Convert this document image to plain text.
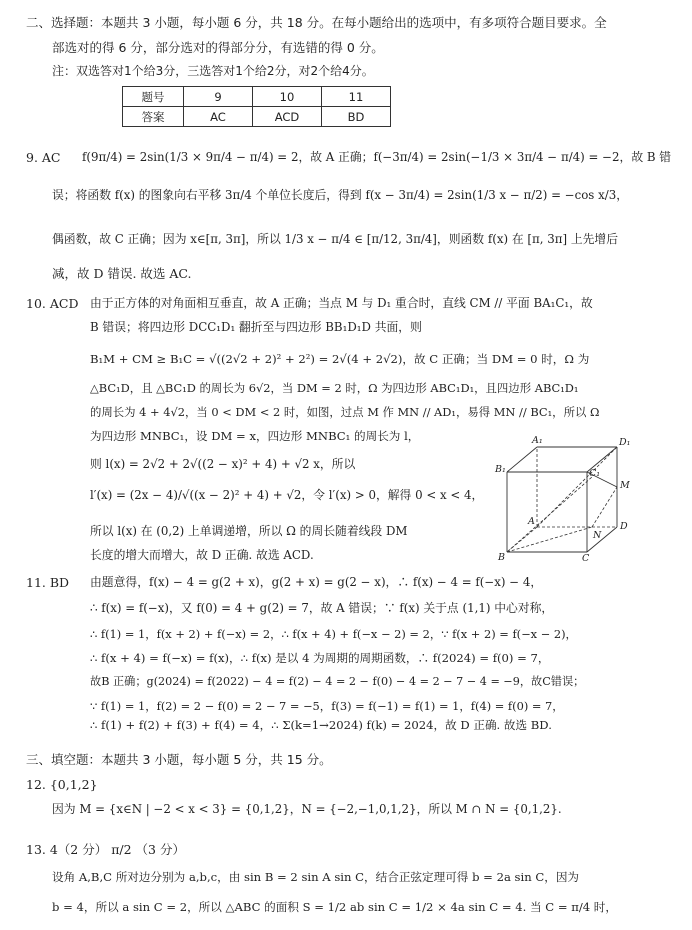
二、选择题：本题共 3 小题，每小题 6 分，共 18 分。在每小题给出的选项中，有多项符合题目要求。全
部选对的得 6 分，部分选对的得部分分，有选错的得 0 分。
注：双选答对1个给3分，三选答对1个给2分，对2个给4分。
题号	9	10	11
答案	AC	ACD	BD
9. AC f(9π/4) = 2sin(1/3 × 9π/4 − π/4) = 2，故 A 正确；f(−3π/4) = 2sin(−1/3 × 3π/4 − π/4) = −2，故 B 错
误；将函数 f(x) 的图象向右平移 3π/4 个单位长度后，得到 f(x − 3π/4) = 2sin(1/3 x − π/2) = −cos x/3，
偶函数，故 C 正确；因为 x∈[π, 3π]，所以 1/3 x − π/4 ∈ [π/12, 3π/4]，则函数 f(x) 在 [π, 3π] 上先增后
减，故 D 错误. 故选 AC.
10. ACD 由于正方体的对角面相互垂直，故 A 正确；当点 M 与 D₁ 重合时，直线 CM // 平面 BA₁C₁，故
B 错误；将四边形 DCC₁D₁ 翻折至与四边形 BB₁D₁D 共面，则
B₁M + CM ≥ B₁C = √((2√2 + 2)² + 2²) = 2√(4 + 2√2)，故 C 正确；当 DM = 0 时，Ω 为
△BC₁D，且 △BC₁D 的周长为 6√2，当 DM = 2 时，Ω 为四边形 ABC₁D₁，且四边形 ABC₁D₁
的周长为 4 + 4√2，当 0 < DM < 2 时，如图，过点 M 作 MN // AD₁，易得 MN // BC₁，所以 Ω
为四边形 MNBC₁，设 DM = x，四边形 MNBC₁ 的周长为 l，
则 l(x) = 2√2 + 2√((2 − x)² + 4) + √2 x，所以
l′(x) = (2x − 4)/√((x − 2)² + 4) + √2，令 l′(x) > 0，解得 0 < x < 4，
所以 l(x) 在 (0,2) 上单调递增，所以 Ω 的周长随着线段 DM
长度的增大而增大，故 D 正确. 故选 ACD.
A₁	D₁
B₁	C₁
M
A	D
N
B	C
11. BD 由题意得，f(x) − 4 = g(2 + x)，g(2 + x) = g(2 − x)，∴ f(x) − 4 = f(−x) − 4，
∴ f(x) = f(−x)，又 f(0) = 4 + g(2) = 7，故 A 错误；∵ f(x) 关于点 (1,1) 中心对称，
∴ f(1) = 1，f(x + 2) + f(−x) = 2，∴ f(x + 4) + f(−x − 2) = 2，∵ f(x + 2) = f(−x − 2)，
∴ f(x + 4) = f(−x) = f(x)，∴ f(x) 是以 4 为周期的周期函数，∴ f(2024) = f(0) = 7，
故B 正确；g(2024) = f(2022) − 4 = f(2) − 4 = 2 − f(0) − 4 = 2 − 7 − 4 = −9，故C错误；
∵ f(1) = 1，f(2) = 2 − f(0) = 2 − 7 = −5，f(3) = f(−1) = f(1) = 1，f(4) = f(0) = 7，
∴ f(1) + f(2) + f(3) + f(4) = 4，∴ Σ(k=1→2024) f(k) = 2024，故 D 正确. 故选 BD.
三、填空题：本题共 3 小题，每小题 5 分，共 15 分。
12. {0,1,2}
因为 M = {x∈N | −2 < x < 3} = {0,1,2}，N = {−2,−1,0,1,2}，所以 M ∩ N = {0,1,2}.
13. 4（2 分） π/2 （3 分）
设角 A,B,C 所对边分别为 a,b,c，由 sin B = 2 sin A sin C，结合正弦定理可得 b = 2a sin C，因为
b = 4，所以 a sin C = 2，所以 △ABC 的面积 S = 1/2 ab sin C = 1/2 × 4a sin C = 4. 当 C = π/4 时，
